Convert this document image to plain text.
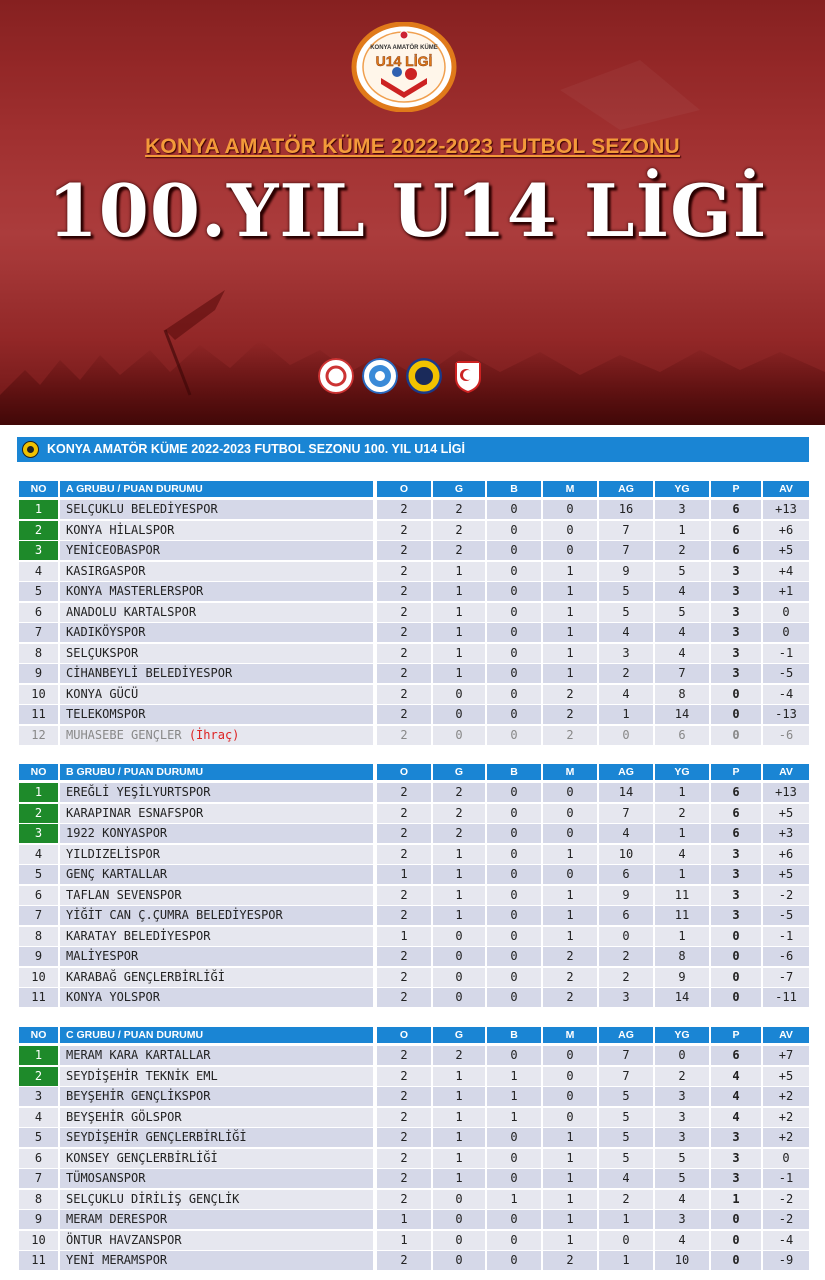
KONYA AMATÖR KÜME
U14 LİGİ
KONYA AMATÖR KÜME 2022-2023 FUTBOL SEZONU
100.YIL U14 LİGİ
KONYA AMATÖR KÜME 2022-2023 FUTBOL SEZONU 100. YIL U14 LİGİ
NO	A GRUBU / PUAN DURUMU	O	G	B	M	AG	YG	P	AV
1	SELÇUKLU BELEDİYESPOR	2	2	0	0	16	3	6	+13
2	KONYA HİLALSPOR	2	2	0	0	7	1	6	+6
3	YENİCEOBASPOR	2	2	0	0	7	2	6	+5
4	KASIRGASPOR	2	1	0	1	9	5	3	+4
5	KONYA MASTERLERSPOR	2	1	0	1	5	4	3	+1
6	ANADOLU KARTALSPOR	2	1	0	1	5	5	3	0
7	KADIKÖYSPOR	2	1	0	1	4	4	3	0
8	SELÇUKSPOR	2	1	0	1	3	4	3	-1
9	CİHANBEYLİ BELEDİYESPOR	2	1	0	1	2	7	3	-5
10	KONYA GÜCÜ	2	0	0	2	4	8	0	-4
11	TELEKOMSPOR	2	0	0	2	1	14	0	-13
12	MUHASEBE GENÇLER (İhraç)	2	0	0	2	0	6	0	-6
NO	B GRUBU / PUAN DURUMU	O	G	B	M	AG	YG	P	AV
1	EREĞLİ YEŞİLYURTSPOR	2	2	0	0	14	1	6	+13
2	KARAPINAR ESNAFSPOR	2	2	0	0	7	2	6	+5
3	1922 KONYASPOR	2	2	0	0	4	1	6	+3
4	YILDIZELİSPOR	2	1	0	1	10	4	3	+6
5	GENÇ KARTALLAR	1	1	0	0	6	1	3	+5
6	TAFLAN SEVENSPOR	2	1	0	1	9	11	3	-2
7	YİĞİT CAN Ç.ÇUMRA BELEDİYESPOR	2	1	0	1	6	11	3	-5
8	KARATAY BELEDİYESPOR	1	0	0	1	0	1	0	-1
9	MALİYESPOR	2	0	0	2	2	8	0	-6
10	KARABAĞ GENÇLERBİRLİĞİ	2	0	0	2	2	9	0	-7
11	KONYA YOLSPOR	2	0	0	2	3	14	0	-11
NO	C GRUBU / PUAN DURUMU	O	G	B	M	AG	YG	P	AV
1	MERAM KARA KARTALLAR	2	2	0	0	7	0	6	+7
2	SEYDİŞEHİR TEKNİK EML	2	1	1	0	7	2	4	+5
3	BEYŞEHİR GENÇLİKSPOR	2	1	1	0	5	3	4	+2
4	BEYŞEHİR GÖLSPOR	2	1	1	0	5	3	4	+2
5	SEYDİŞEHİR GENÇLERBİRLİĞİ	2	1	0	1	5	3	3	+2
6	KONSEY GENÇLERBİRLİĞİ	2	1	0	1	5	5	3	0
7	TÜMOSANSPOR	2	1	0	1	4	5	3	-1
8	SELÇUKLU DİRİLİŞ GENÇLİK	2	0	1	1	2	4	1	-2
9	MERAM DERESPOR	1	0	0	1	1	3	0	-2
10	ÖNTUR HAVZANSPOR	1	0	0	1	0	4	0	-4
11	YENİ MERAMSPOR	2	0	0	2	1	10	0	-9
